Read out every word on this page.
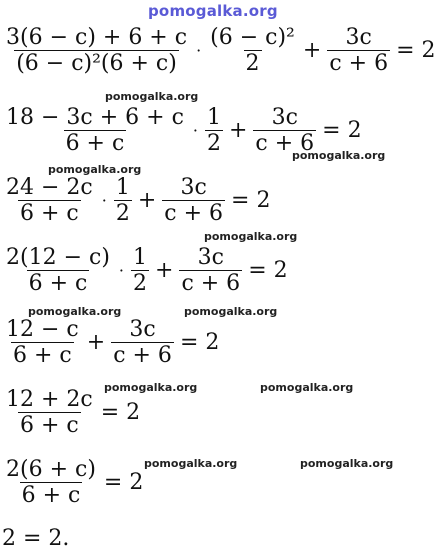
pomogalka.org
$\frac{3(6 - c) + 6 + c}{\text{(6 − c)²(6 + c)}} \cdot \frac{\text{(6 − c)²}}{2} + \frac{3c}{c + 6} = 2$
pomogalka.org
$\frac{18 - 3c + 6 + c}{6 + c} \cdot \frac{1}{2} + \frac{3c}{c + 6} = 2$
pomogalka.org
pomogalka.org
$\frac{24 - 2c}{6 + c} \cdot \frac{1}{2} + \frac{3c}{c + 6} = 2$
pomogalka.org
$\frac{2(12 - c)}{6 + c} \cdot \frac{1}{2} + \frac{3c}{c + 6} = 2$
pomogalka.org	pomogalka.org
$\frac{12 - c}{6 + c} + \frac{3c}{c + 6} = 2$
pomogalka.org	pomogalka.org
$\frac{12 + 2c}{6 + c} = 2$
pomogalka.org	pomogalka.org
$\frac{2(6 + c)}{6 + c} = 2$
2 = 2.
